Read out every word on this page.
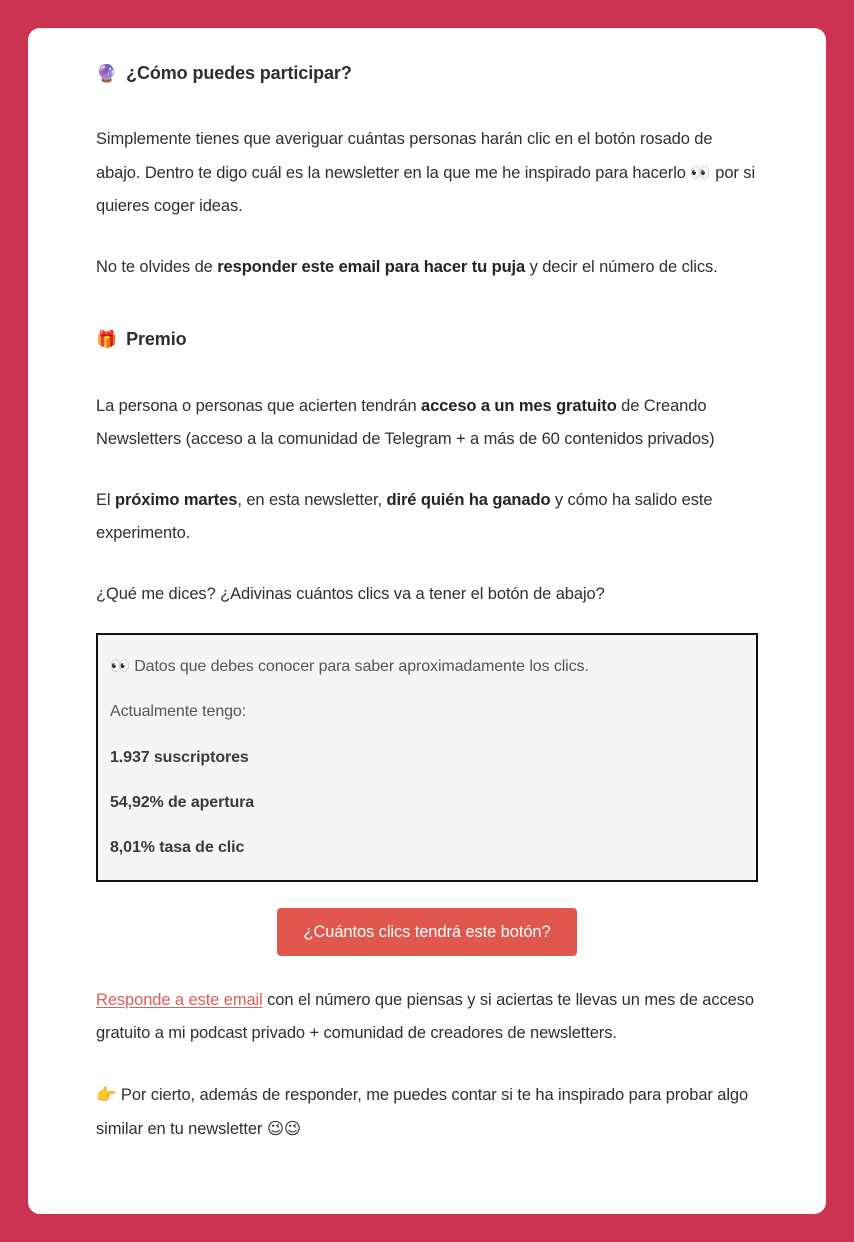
🔮 ¿Cómo puedes participar?

Simplemente tienes que averiguar cuántas personas harán clic en el botón rosado de abajo. Dentro te digo cuál es la newsletter en la que me he inspirado para hacerlo 👀 por si quieres coger ideas.

No te olvides de responder este email para hacer tu puja y decir el número de clics.

🎁 Premio

La persona o personas que acierten tendrán acceso a un mes gratuito de Creando Newsletters (acceso a la comunidad de Telegram + a más de 60 contenidos privados)

El próximo martes, en esta newsletter, diré quién ha ganado y cómo ha salido este experimento.

¿Qué me dices? ¿Adivinas cuántos clics va a tener el botón de abajo?

👀 Datos que debes conocer para saber aproximadamente los clics.

Actualmente tengo:

1.937 suscriptores

54,92% de apertura

8,01% tasa de clic

¿Cuántos clics tendrá este botón?

Responde a este email con el número que piensas y si aciertas te llevas un mes de acceso gratuito a mi podcast privado + comunidad de creadores de newsletters.

👉 Por cierto, además de responder, me puedes contar si te ha inspirado para probar algo similar en tu newsletter 😉😉
